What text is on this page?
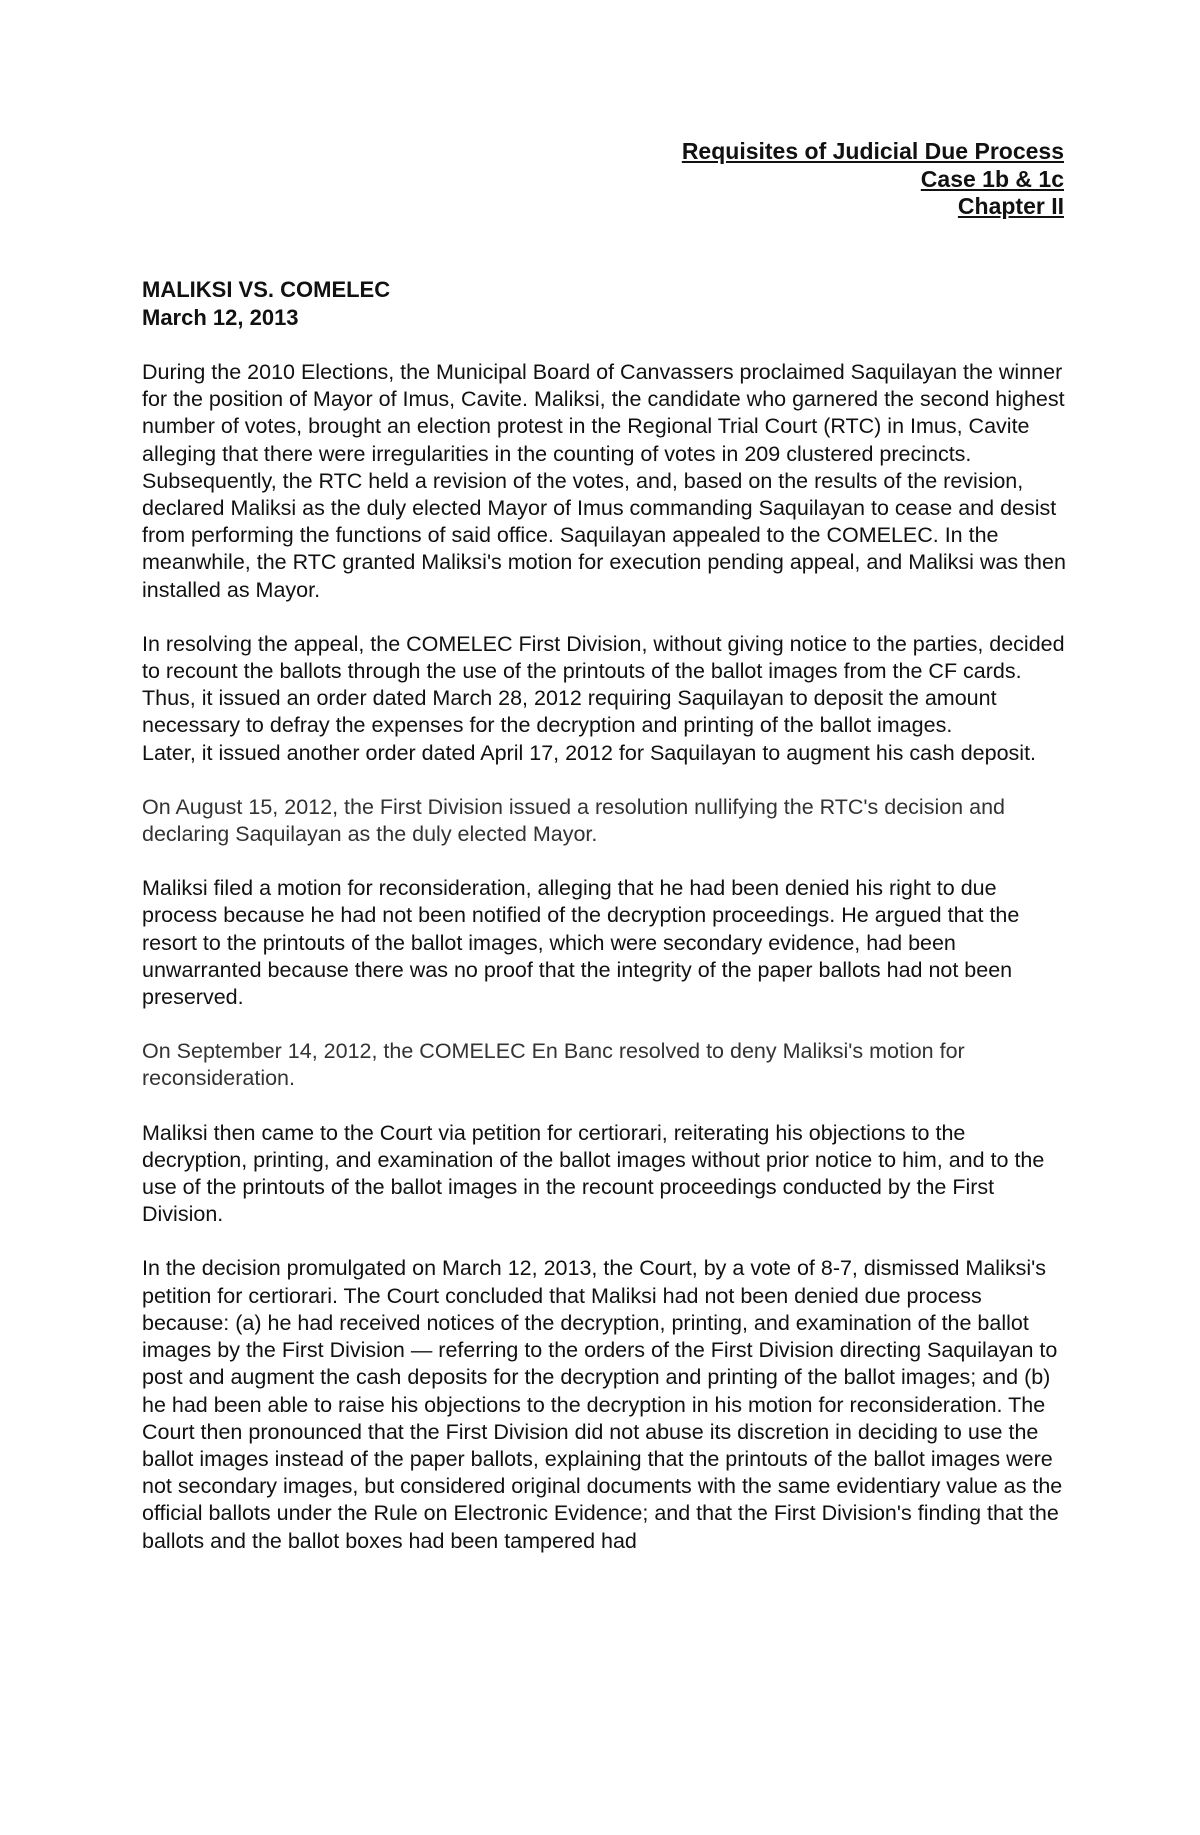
Requisites of Judicial Due Process
Case 1b & 1c
Chapter II
MALIKSI VS. COMELEC
March 12, 2013

During the 2010 Elections, the Municipal Board of Canvassers proclaimed Saquilayan the winner for the position of Mayor of Imus, Cavite. Maliksi, the candidate who garnered the second highest number of votes, brought an election protest in the Regional Trial Court (RTC) in Imus, Cavite alleging that there were irregularities in the counting of votes in 209 clustered precincts. Subsequently, the RTC held a revision of the votes, and, based on the results of the revision, declared Maliksi as the duly elected Mayor of Imus commanding Saquilayan to cease and desist from performing the functions of said office. Saquilayan appealed to the COMELEC. In the meanwhile, the RTC granted Maliksi's motion for execution pending appeal, and Maliksi was then installed as Mayor.

In resolving the appeal, the COMELEC First Division, without giving notice to the parties, decided to recount the ballots through the use of the printouts of the ballot images from the CF cards. Thus, it issued an order dated March 28, 2012 requiring Saquilayan to deposit the amount necessary to defray the expenses for the decryption and printing of the ballot images.

Later, it issued another order dated April 17, 2012 for Saquilayan to augment his cash deposit.

On August 15, 2012, the First Division issued a resolution nullifying the RTC's decision and declaring Saquilayan as the duly elected Mayor.

Maliksi filed a motion for reconsideration, alleging that he had been denied his right to due process because he had not been notified of the decryption proceedings. He argued that the resort to the printouts of the ballot images, which were secondary evidence, had been unwarranted because there was no proof that the integrity of the paper ballots had not been preserved.

On September 14, 2012, the COMELEC En Banc resolved to deny Maliksi's motion for reconsideration.

Maliksi then came to the Court via petition for certiorari, reiterating his objections to the decryption, printing, and examination of the ballot images without prior notice to him, and to the use of the printouts of the ballot images in the recount proceedings conducted by the First Division.

In the decision promulgated on March 12, 2013, the Court, by a vote of 8-7, dismissed Maliksi's petition for certiorari. The Court concluded that Maliksi had not been denied due process because: (a) he had received notices of the decryption, printing, and examination of the ballot images by the First Division — referring to the orders of the First Division directing Saquilayan to post and augment the cash deposits for the decryption and printing of the ballot images; and (b) he had been able to raise his objections to the decryption in his motion for reconsideration. The Court then pronounced that the First Division did not abuse its discretion in deciding to use the ballot images instead of the paper ballots, explaining that the printouts of the ballot images were not secondary images, but considered original documents with the same evidentiary value as the official ballots under the Rule on Electronic Evidence; and that the First Division's finding that the ballots and the ballot boxes had been tampered had
